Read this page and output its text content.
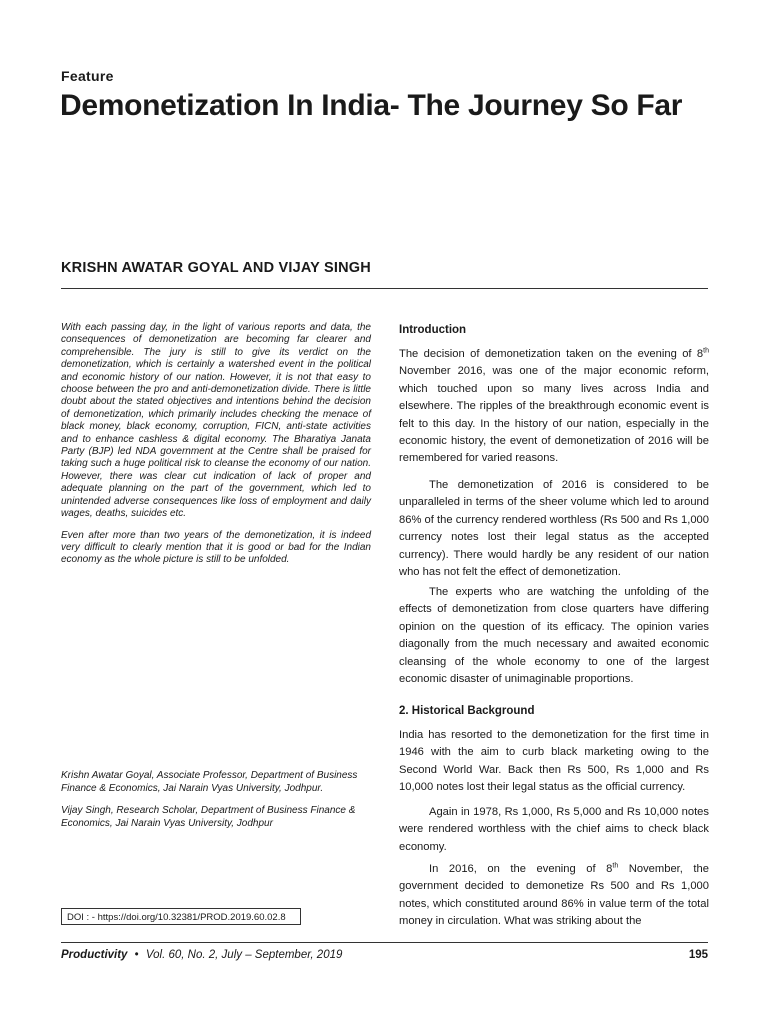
Feature
Demonetization In India- The Journey So Far
KRISHN AWATAR GOYAL AND VIJAY SINGH

With each passing day, in the light of various reports and data, the consequences of demonetization are becoming far clearer and comprehensible. The jury is still to give its verdict on the demonetization, which is certainly a watershed event in the political and economic history of our nation. However, it is not that easy to choose between the pro and anti-demonetization divide. There is little doubt about the stated objectives and intentions behind the decision of demonetization, which primarily includes checking the menace of black money, black economy, corruption, FICN, anti-state activities and to enhance cashless & digital economy. The Bharatiya Janata Party (BJP) led NDA government at the Centre shall be praised for taking such a huge political risk to cleanse the economy of our nation. However, there was clear cut indication of lack of proper and adequate planning on the part of the government, which led to unintended adverse consequences like loss of employment and daily wages, deaths, suicides etc.

Even after more than two years of the demonetization, it is indeed very difficult to clearly mention that it is good or bad for the Indian economy as the whole picture is still to be unfolded.

Krishn Awatar Goyal, Associate Professor, Department of Business Finance & Economics, Jai Narain Vyas University, Jodhpur.

Vijay Singh, Research Scholar, Department of Business Finance & Economics, Jai Narain Vyas University, Jodhpur

DOI : - https://doi.org/10.32381/PROD.2019.60.02.8
Introduction

The decision of demonetization taken on the evening of 8th November 2016, was one of the major economic reform, which touched upon so many lives across India and elsewhere. The ripples of the breakthrough economic event is felt to this day. In the history of our nation, especially in the economic history, the event of demonetization of 2016 will be remembered for varied reasons.

The demonetization of 2016 is considered to be unparalleled in terms of the sheer volume which led to around 86% of the currency rendered worthless (Rs 500 and Rs 1,000 currency notes lost their legal status as the accepted currency). There would hardly be any resident of our nation who has not felt the effect of demonetization.

The experts who are watching the unfolding of the effects of demonetization from close quarters have differing opinion on the question of its efficacy. The opinion varies diagonally from the much necessary and awaited economic cleansing of the whole economy to one of the largest economic disaster of unimaginable proportions.

2. Historical Background

India has resorted to the demonetization for the first time in 1946 with the aim to curb black marketing owing to the Second World War. Back then Rs 500, Rs 1,000 and Rs 10,000 notes lost their legal status as the official currency.

Again in 1978, Rs 1,000, Rs 5,000 and Rs 10,000 notes were rendered worthless with the chief aims to check black economy.

In 2016, on the evening of 8th November, the government decided to demonetize Rs 500 and Rs 1,000 notes, which constituted around 86% in value term of the total money in circulation. What was striking about the

Productivity • Vol. 60, No. 2, July – September, 2019	195
